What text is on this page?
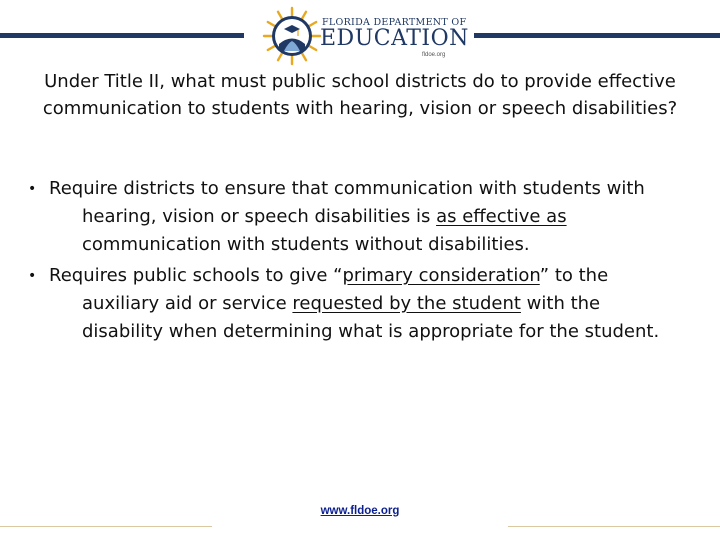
FLORIDA DEPARTMENT OF
EDUCATION
fldoe.org
Under Title II, what must public school districts do to provide effective communication to students with hearing, vision or speech disabilities?
• Require districts to ensure that communication with students with hearing, vision or speech disabilities is as effective as communication with students without disabilities.
• Requires public schools to give “primary consideration” to the auxiliary aid or service requested by the student with the disability when determining what is appropriate for the student.
www.fldoe.org
